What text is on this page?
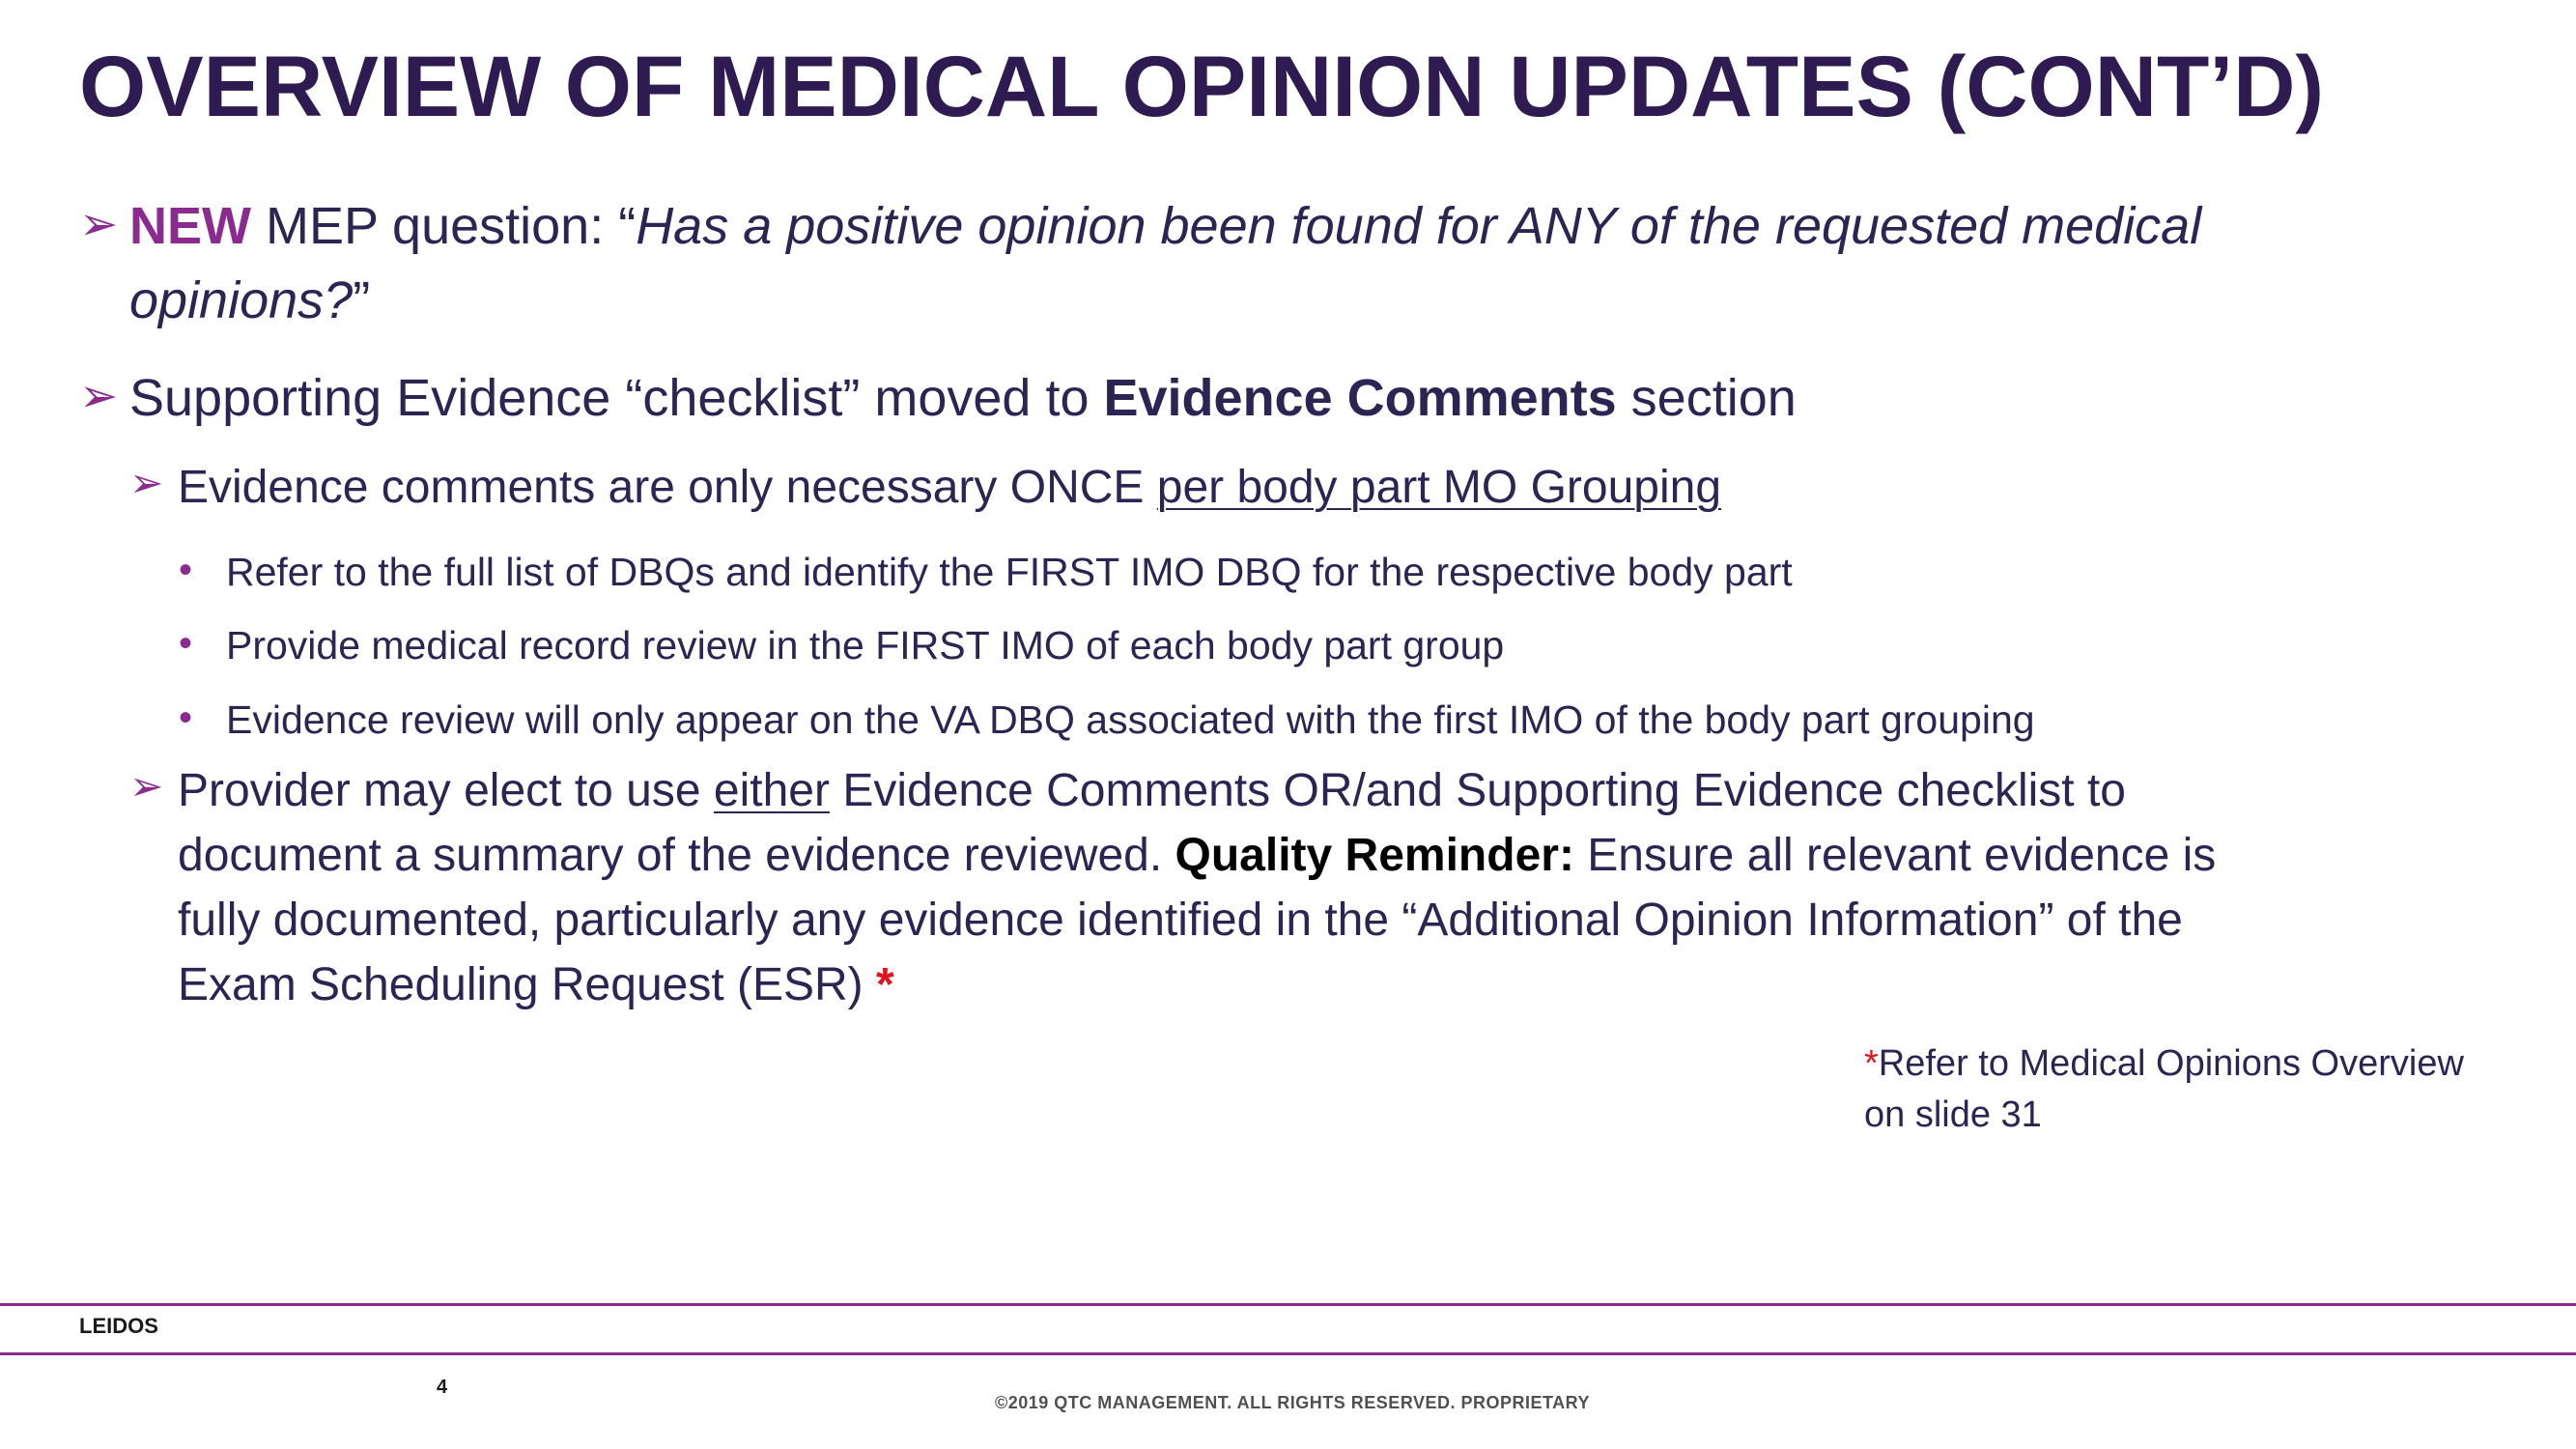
OVERVIEW OF MEDICAL OPINION UPDATES (CONT’D)
➢ NEW MEP question: “Has a positive opinion been found for ANY of the requested medical
opinions?”
➢ Supporting Evidence “checklist” moved to Evidence Comments section
➢ Evidence comments are only necessary ONCE per body part MO Grouping
• Refer to the full list of DBQs and identify the FIRST IMO DBQ for the respective body part
• Provide medical record review in the FIRST IMO of each body part group
• Evidence review will only appear on the VA DBQ associated with the first IMO of the body part grouping
➢ Provider may elect to use either Evidence Comments OR/and Supporting Evidence checklist to
document a summary of the evidence reviewed. Quality Reminder: Ensure all relevant evidence is
fully documented, particularly any evidence identified in the “Additional Opinion Information” of the
Exam Scheduling Request (ESR) *
*Refer to Medical Opinions Overview
on slide 31
LEIDOS
4
©2019 QTC MANAGEMENT. ALL RIGHTS RESERVED. PROPRIETARY
